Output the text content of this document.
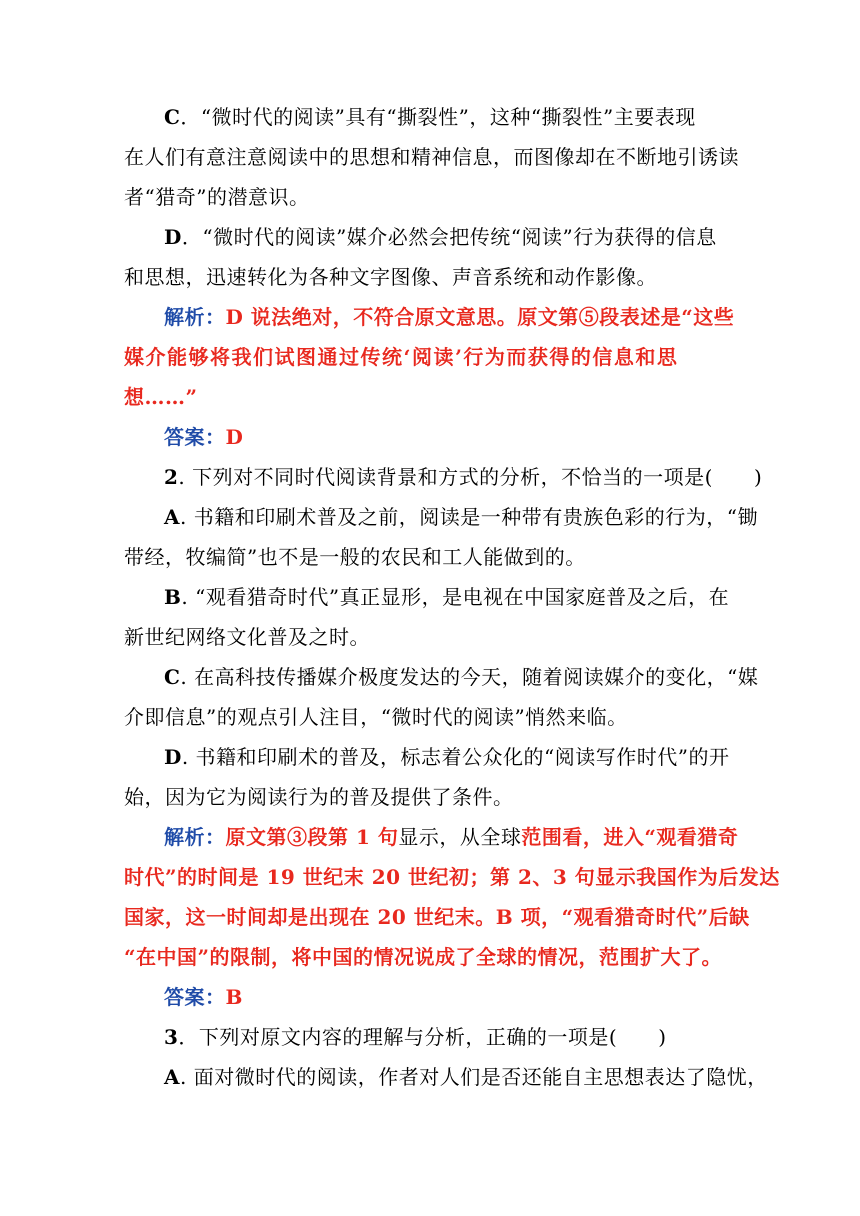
C．“微时代的阅读”具有“撕裂性”，这种“撕裂性”主要表现
在人们有意注意阅读中的思想和精神信息，而图像却在不断地引诱读
者“猎奇”的潜意识。
D．“微时代的阅读”媒介必然会把传统“阅读”行为获得的信息
和思想，迅速转化为各种文字图像、声音系统和动作影像。
解析：D 说法绝对，不符合原文意思。原文第⑤段表述是“这些
媒介能够将我们试图通过传统‘阅读’行为而获得的信息和思
想……”
答案：D
2. 下列对不同时代阅读背景和方式的分析，不恰当的一项是(　　)
A. 书籍和印刷术普及之前，阅读是一种带有贵族色彩的行为，“锄
带经，牧编简”也不是一般的农民和工人能做到的。
B. “观看猎奇时代”真正显形，是电视在中国家庭普及之后，在
新世纪网络文化普及之时。
C. 在高科技传播媒介极度发达的今天，随着阅读媒介的变化，“媒
介即信息”的观点引人注目，“微时代的阅读”悄然来临。
D. 书籍和印刷术的普及，标志着公众化的“阅读写作时代”的开
始，因为它为阅读行为的普及提供了条件。
解析：原文第③段第 1 句显示，从全球范围看，进入“观看猎奇
时代”的时间是 19 世纪末 20 世纪初；第 2、3 句显示我国作为后发达
国家，这一时间却是出现在 20 世纪末。B 项，“观看猎奇时代”后缺
“在中国”的限制，将中国的情况说成了全球的情况，范围扩大了。
答案：B
3．下列对原文内容的理解与分析，正确的一项是(　　)
A. 面对微时代的阅读，作者对人们是否还能自主思想表达了隐忧，
